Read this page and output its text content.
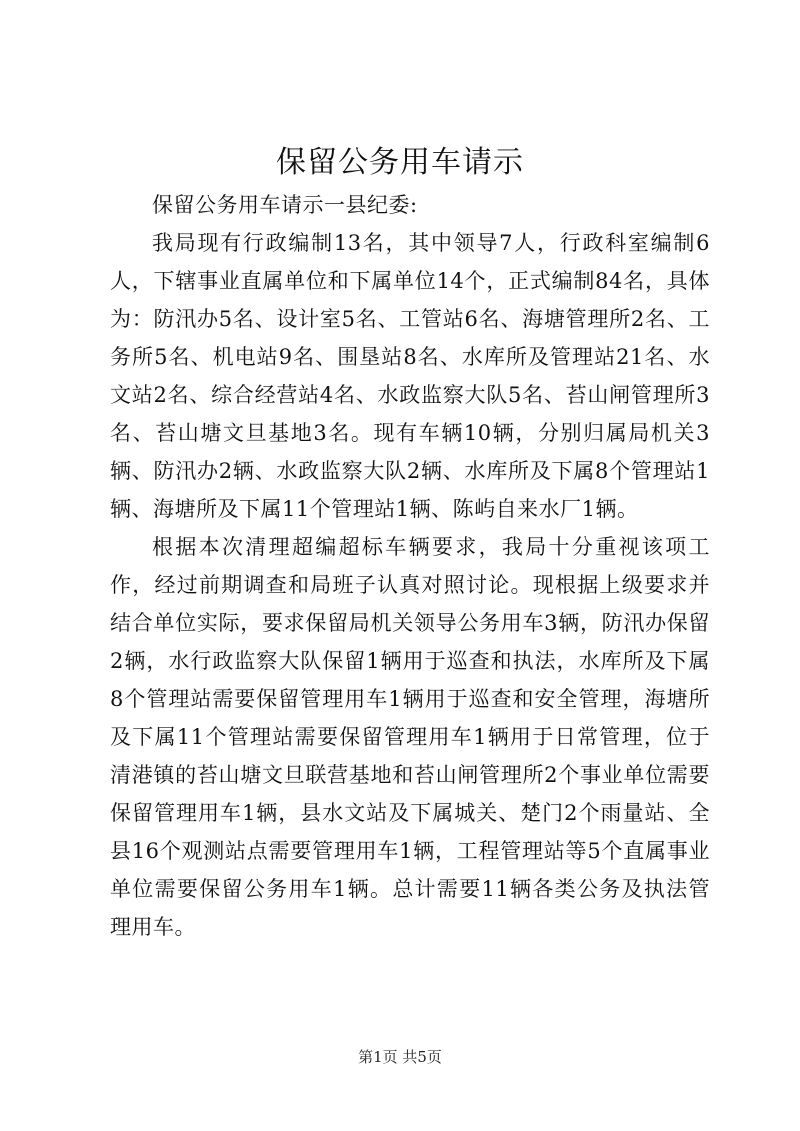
保留公务用车请示

保留公务用车请示一县纪委:

我局现有行政编制13名，其中领导7人，行政科室编制6人，下辖事业直属单位和下属单位14个，正式编制84名，具体为：防汛办5名、设计室5名、工管站6名、海塘管理所2名、工务所5名、机电站9名、围垦站8名、水库所及管理站21名、水文站2名、综合经营站4名、水政监察大队5名、苔山闸管理所3名、苔山塘文旦基地3名。现有车辆10辆，分别归属局机关3辆、防汛办2辆、水政监察大队2辆、水库所及下属8个管理站1辆、海塘所及下属11个管理站1辆、陈屿自来水厂1辆。

根据本次清理超编超标车辆要求，我局十分重视该项工作，经过前期调查和局班子认真对照讨论。现根据上级要求并结合单位实际，要求保留局机关领导公务用车3辆，防汛办保留2辆，水行政监察大队保留1辆用于巡查和执法，水库所及下属8个管理站需要保留管理用车1辆用于巡查和安全管理，海塘所及下属11个管理站需要保留管理用车1辆用于日常管理，位于清港镇的苔山塘文旦联营基地和苔山闸管理所2个事业单位需要保留管理用车1辆，县水文站及下属城关、楚门2个雨量站、全县16个观测站点需要管理用车1辆，工程管理站等5个直属事业单位需要保留公务用车1辆。总计需要11辆各类公务及执法管理用车。

第1页 共5页
